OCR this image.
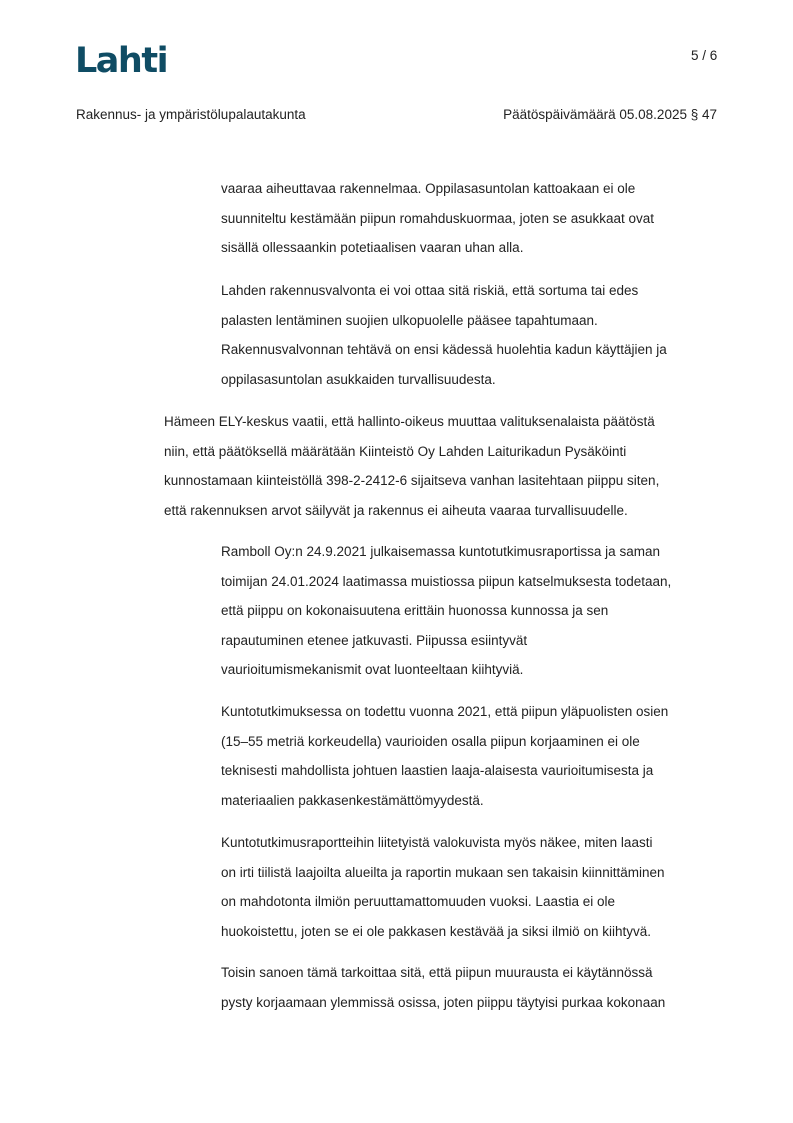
Lahti	5 / 6
Rakennus- ja ympäristölupalautakunta	Päätöspäivämäärä 05.08.2025 § 47
vaaraa aiheuttavaa rakennelmaa. Oppilasasuntolan kattoakaan ei ole
suunniteltu kestämään piipun romahduskuormaa, joten se asukkaat ovat
sisällä ollessaankin potetiaalisen vaaran uhan alla.
Lahden rakennusvalvonta ei voi ottaa sitä riskiä, että sortuma tai edes
palasten lentäminen suojien ulkopuolelle pääsee tapahtumaan.
Rakennusvalvonnan tehtävä on ensi kädessä huolehtia kadun käyttäjien ja
oppilasasuntolan asukkaiden turvallisuudesta.
Hämeen ELY-keskus vaatii, että hallinto-oikeus muuttaa valituksenalaista päätöstä
niin, että päätöksellä määrätään Kiinteistö Oy Lahden Laiturikadun Pysäköinti
kunnostamaan kiinteistöllä 398-2-2412-6 sijaitseva vanhan lasitehtaan piippu siten,
että rakennuksen arvot säilyvät ja rakennus ei aiheuta vaaraa turvallisuudelle.
Ramboll Oy:n 24.9.2021 julkaisemassa kuntotutkimusraportissa ja saman
toimijan 24.01.2024 laatimassa muistiossa piipun katselmuksesta todetaan,
että piippu on kokonaisuutena erittäin huonossa kunnossa ja sen
rapautuminen etenee jatkuvasti. Piipussa esiintyvät
vaurioitumismekanismit ovat luonteeltaan kiihtyviä.
Kuntotutkimuksessa on todettu vuonna 2021, että piipun yläpuolisten osien
(15–55 metriä korkeudella) vaurioiden osalla piipun korjaaminen ei ole
teknisesti mahdollista johtuen laastien laaja-alaisesta vaurioitumisesta ja
materiaalien pakkasenkestämättömyydestä.
Kuntotutkimusraportteihin liitetyistä valokuvista myös näkee, miten laasti
on irti tiilistä laajoilta alueilta ja raportin mukaan sen takaisin kiinnittäminen
on mahdotonta ilmiön peruuttamattomuuden vuoksi. Laastia ei ole
huokoistettu, joten se ei ole pakkasen kestävää ja siksi ilmiö on kiihtyvä.
Toisin sanoen tämä tarkoittaa sitä, että piipun muurausta ei käytännössä
pysty korjaamaan ylemmissä osissa, joten piippu täytyisi purkaa kokonaan
